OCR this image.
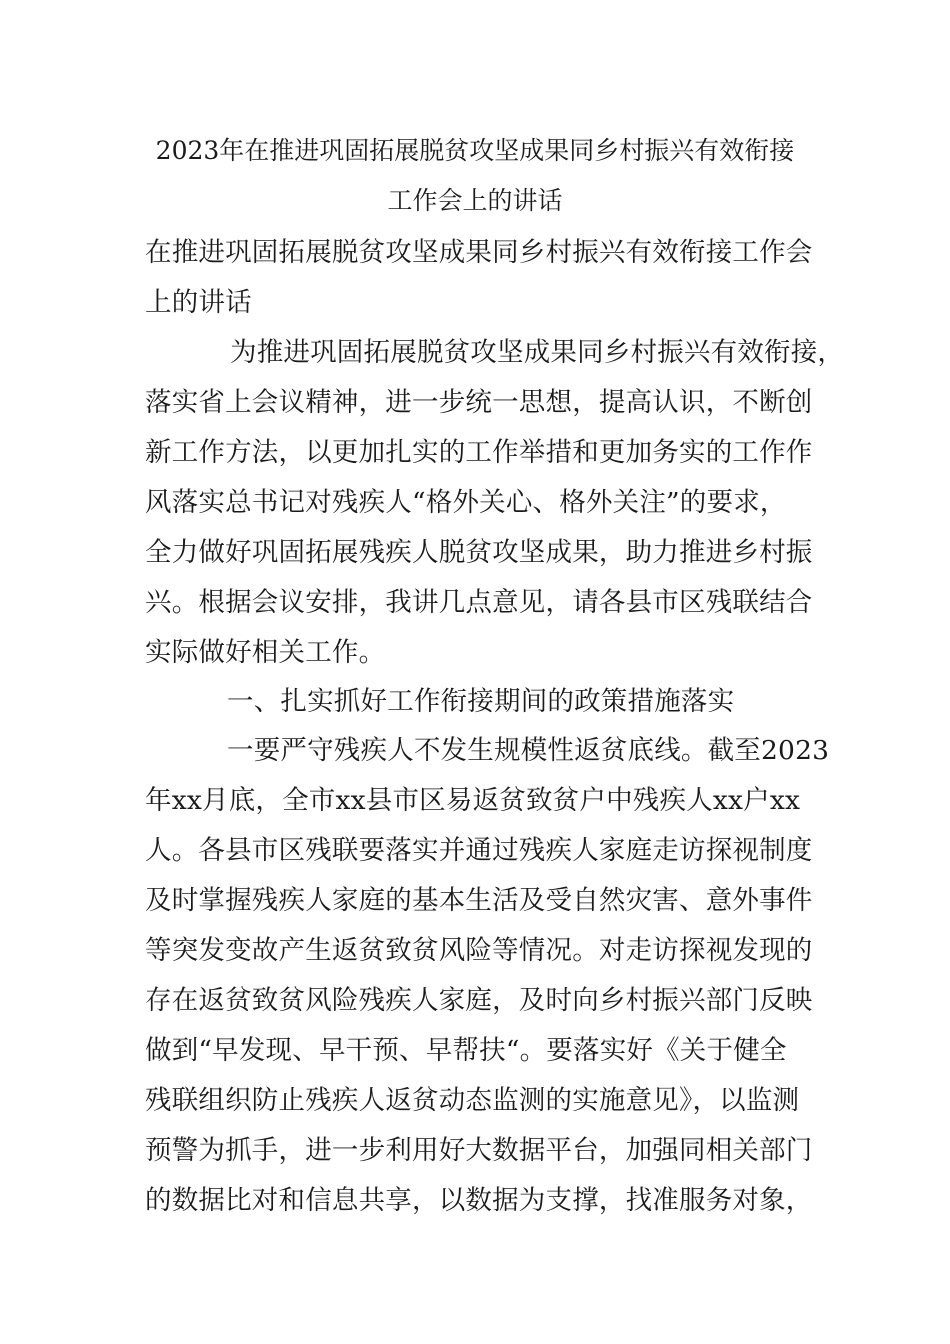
2023年在推进巩固拓展脱贫攻坚成果同乡村振兴有效衔接
工作会上的讲话
在推进巩固拓展脱贫攻坚成果同乡村振兴有效衔接工作会
上的讲话
为推进巩固拓展脱贫攻坚成果同乡村振兴有效衔接，
落实省上会议精神，进一步统一思想，提高认识，不断创
新工作方法，以更加扎实的工作举措和更加务实的工作作
风落实总书记对残疾人“格外关心、格外关注”的要求，
全力做好巩固拓展残疾人脱贫攻坚成果，助力推进乡村振
兴。根据会议安排，我讲几点意见，请各县市区残联结合
实际做好相关工作。
一、扎实抓好工作衔接期间的政策措施落实
一要严守残疾人不发生规模性返贫底线。截至2023
年xx月底，全市xx县市区易返贫致贫户中残疾人xx户xx
人。各县市区残联要落实并通过残疾人家庭走访探视制度
及时掌握残疾人家庭的基本生活及受自然灾害、意外事件
等突发变故产生返贫致贫风险等情况。对走访探视发现的
存在返贫致贫风险残疾人家庭，及时向乡村振兴部门反映
做到“早发现、早干预、早帮扶“。要落实好《关于健全
残联组织防止残疾人返贫动态监测的实施意见》，以监测
预警为抓手，进一步利用好大数据平台，加强同相关部门
的数据比对和信息共享，以数据为支撑，找准服务对象，
